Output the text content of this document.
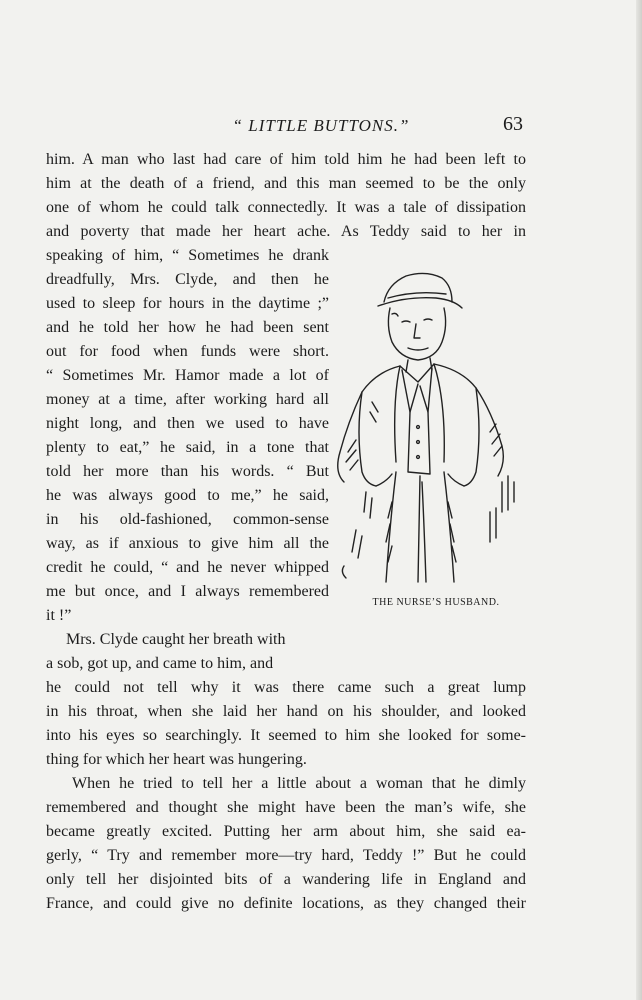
“ LITTLE BUTTONS.”	63
him. A man who last had care of him told him he had been left to
him at the death of a friend, and this man seemed to be the only
one of whom he could talk connectedly. It was a tale of dissipation
and poverty that made her heart ache. As Teddy said to her in
speaking of him, “ Sometimes he drank
dreadfully, Mrs. Clyde, and then he
used to sleep for hours in the daytime ;”
and he told her how he had been sent
out for food when funds were short.
“ Sometimes Mr. Hamor made a lot of
money at a time, after working hard all
night long, and then we used to have
plenty to eat,” he said, in a tone that
told her more than his words. “ But
he was always good to me,” he said,
in his old-fashioned, common-sense
way, as if anxious to give him all the
credit he could, “ and he never whipped
me but once, and I always remembered
it !”
Mrs. Clyde caught her breath with
a sob, got up, and came to him, and
he could not tell why it was there came such a great lump
in his throat, when she laid her hand on his shoulder, and looked
into his eyes so searchingly. It seemed to him she looked for some-
thing for which her heart was hungering.
When he tried to tell her a little about a woman that he dimly
remembered and thought she might have been the man’s wife, she
became greatly excited. Putting her arm about him, she said ea-
gerly, “ Try and remember more—try hard, Teddy !” But he could
only tell her disjointed bits of a wandering life in England and
France, and could give no definite locations, as they changed their
THE NURSE’S HUSBAND.
